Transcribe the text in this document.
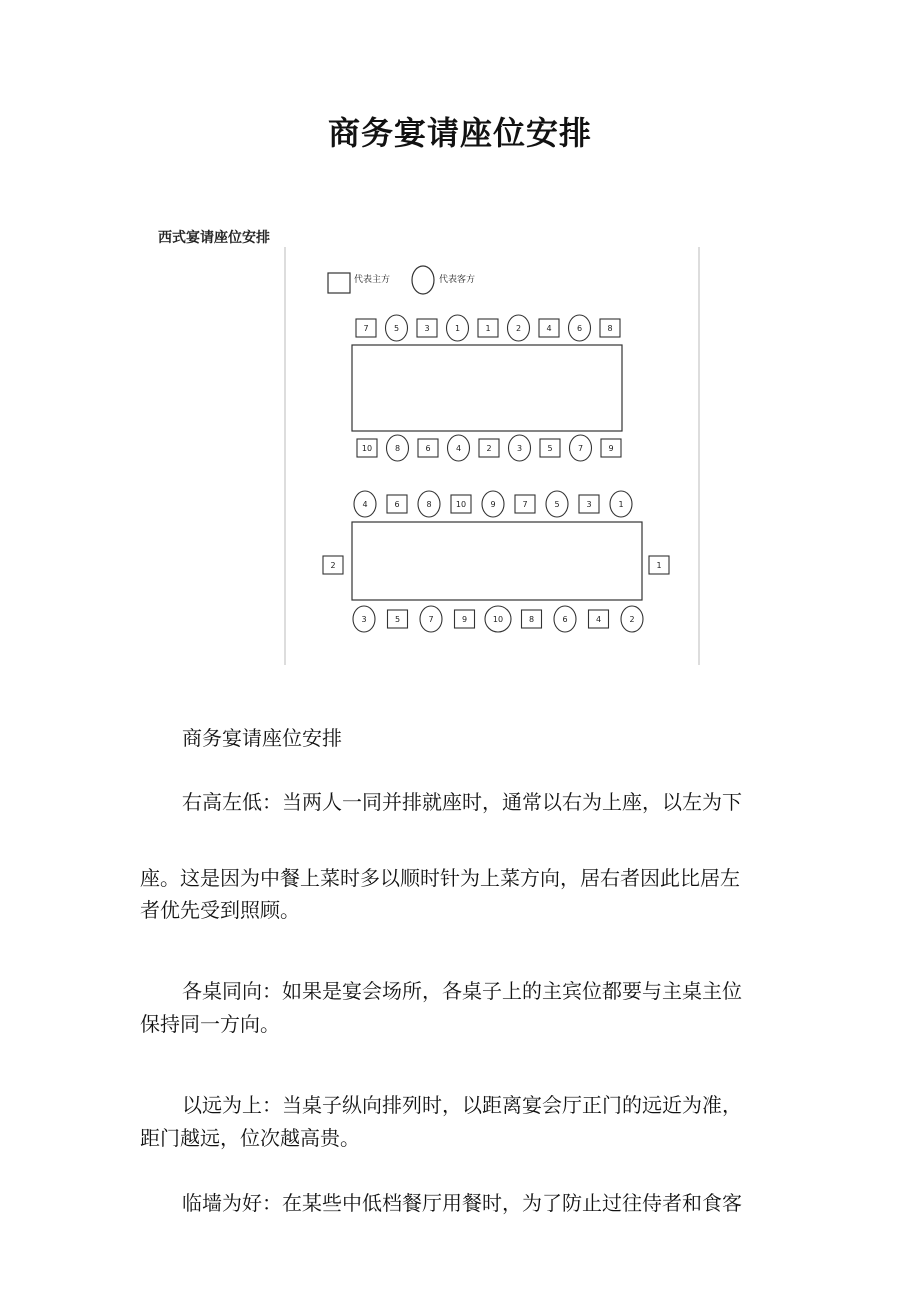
商务宴请座位安排
西式宴请座位安排
代表主方	代表客方
7	5	3	1	1	2	4	6	8
10	8	6	4	2	3	5	7	9
4	6	8	10	9	7	5	3	1
3	5	7	9	10	8	6	4	2
2	1
商务宴请座位安排
右高左低：当两人一同并排就座时，通常以右为上座，以左为下
座。这是因为中餐上菜时多以顺时针为上菜方向，居右者因此比居左
者优先受到照顾。
各桌同向：如果是宴会场所，各桌子上的主宾位都要与主桌主位
保持同一方向。
以远为上：当桌子纵向排列时，以距离宴会厅正门的远近为准，
距门越远，位次越高贵。
临墙为好：在某些中低档餐厅用餐时，为了防止过往侍者和食客
